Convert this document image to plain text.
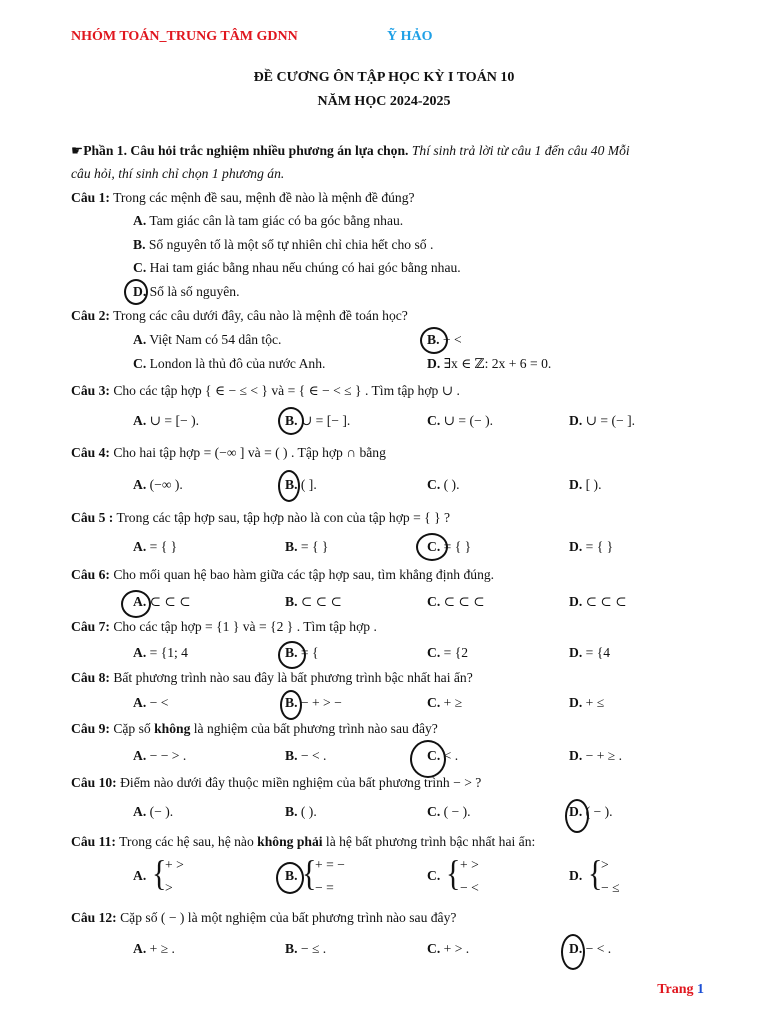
NHÓM TOÁN_TRUNG TÂM GDNN	Ỹ HẢO
ĐỀ CƯƠNG ÔN TẬP HỌC KỲ I TOÁN 10
NĂM HỌC 2024-2025
☛Phần 1. Câu hỏi trắc nghiệm nhiều phương án lựa chọn. Thí sinh trả lời từ câu 1 đến câu 40 Mỗi
câu hỏi, thí sinh chỉ chọn 1 phương án.
Câu 1: Trong các mệnh đề sau, mệnh đề nào là mệnh đề đúng?
A. Tam giác cân là tam giác có ba góc bằng nhau.
B. Số nguyên tố là một số tự nhiên chỉ chia hết cho số .
C. Hai tam giác bằng nhau nếu chúng có hai góc bằng nhau.
D. Số là số nguyên.
Câu 2: Trong các câu dưới đây, câu nào là mệnh đề toán học?
A. Việt Nam có 54 dân tộc.	B. + <
C. London là thủ đô của nước Anh.	D. ∃x ∈ ℤ: 2x + 6 = 0.
Câu 3: Cho các tập hợp { ∈ − ≤ < } và = { ∈ − < ≤ } . Tìm tập hợp ∪ .
A. ∪ = [− ).	B. ∪ = [− ].	C. ∪ = (− ).	D. ∪ = (− ].
Câu 4: Cho hai tập hợp = (−∞ ] và = ( ) . Tập hợp ∩ bằng
A. (−∞ ).	B. ( ].	C. ( ).	D. [ ).
Câu 5 : Trong các tập hợp sau, tập hợp nào là con của tập hợp = { } ?
A. = { }	B. = { }	C. = { }	D. = { }
Câu 6: Cho mối quan hệ bao hàm giữa các tập hợp sau, tìm khẳng định đúng.
A. ⊂ ⊂ ⊂	B. ⊂ ⊂ ⊂	C. ⊂ ⊂ ⊂	D. ⊂ ⊂ ⊂
Câu 7: Cho các tập hợp = {1 } và = {2 } . Tìm tập hợp .
A. = {1; 4	B. = {	C. = {2	D. = {4
Câu 8: Bất phương trình nào sau đây là bất phương trình bậc nhất hai ẩn?
A. − <	B. − + > −	C. + ≥	D. + ≤
Câu 9: Cặp số không là nghiệm của bất phương trình nào sau đây?
A. − − > .	B. − < .	C. < .	D. − + ≥ .
Câu 10: Điểm nào dưới đây thuộc miền nghiệm của bất phương trình − > ?
A. (− ).	B. ( ).	C. ( − ).	D. ( − ).
Câu 11: Trong các hệ sau, hệ nào không phải là hệ bất phương trình bậc nhất hai ẩn:
A. {
+ >
>
B. {
+ = −
− =
C. { + >
− <
D. {
>
− ≤
Câu 12: Cặp số ( − ) là một nghiệm của bất phương trình nào sau đây?
A. + ≥ .	B. − ≤ .	C. + > .	D. − < .
Trang 1
